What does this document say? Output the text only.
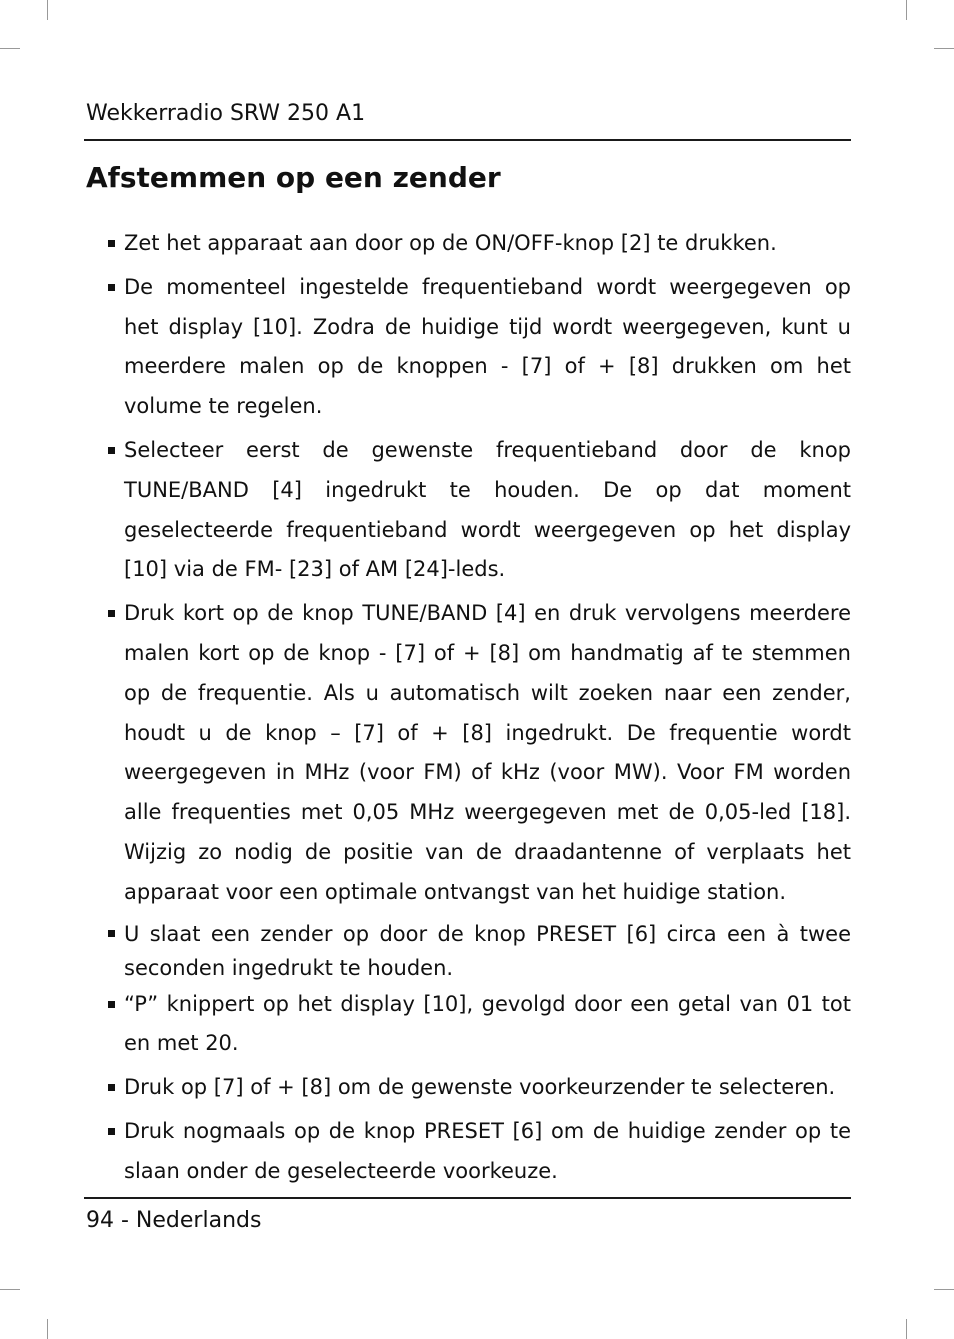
Wekkerradio SRW 250 A1
Afstemmen op een zender
Zet het apparaat aan door op de ON/OFF-knop [2] te drukken.
De momenteel ingestelde frequentieband wordt weergegeven op het display [10]. Zodra de huidige tijd wordt weergegeven, kunt u meerdere malen op de knoppen - [7] of + [8] drukken om het volume te regelen.
Selecteer eerst de gewenste frequentieband door de knop TUNE/BAND [4] ingedrukt te houden. De op dat moment geselecteerde frequentieband wordt weergegeven op het display [10] via de FM- [23] of AM [24]-leds.
Druk kort op de knop TUNE/BAND [4] en druk vervolgens meerdere malen kort op de knop - [7] of + [8] om handmatig af te stemmen op de frequentie. Als u automatisch wilt zoeken naar een zender, houdt u de knop – [7] of + [8] ingedrukt. De frequentie wordt weergegeven in MHz (voor FM) of kHz (voor MW). Voor FM worden alle frequenties met 0,05 MHz weergegeven met de 0,05-led [18]. Wijzig zo nodig de positie van de draadantenne of verplaats het apparaat voor een optimale ontvangst van het huidige station.
U slaat een zender op door de knop PRESET [6] circa een à twee seconden ingedrukt te houden.
“P” knippert op het display [10], gevolgd door een getal van 01 tot en met 20.
Druk op [7] of + [8] om de gewenste voorkeurzender te selecteren.
Druk nogmaals op de knop PRESET [6] om de huidige zender op te slaan onder de geselecteerde voorkeuze.
94 - Nederlands
